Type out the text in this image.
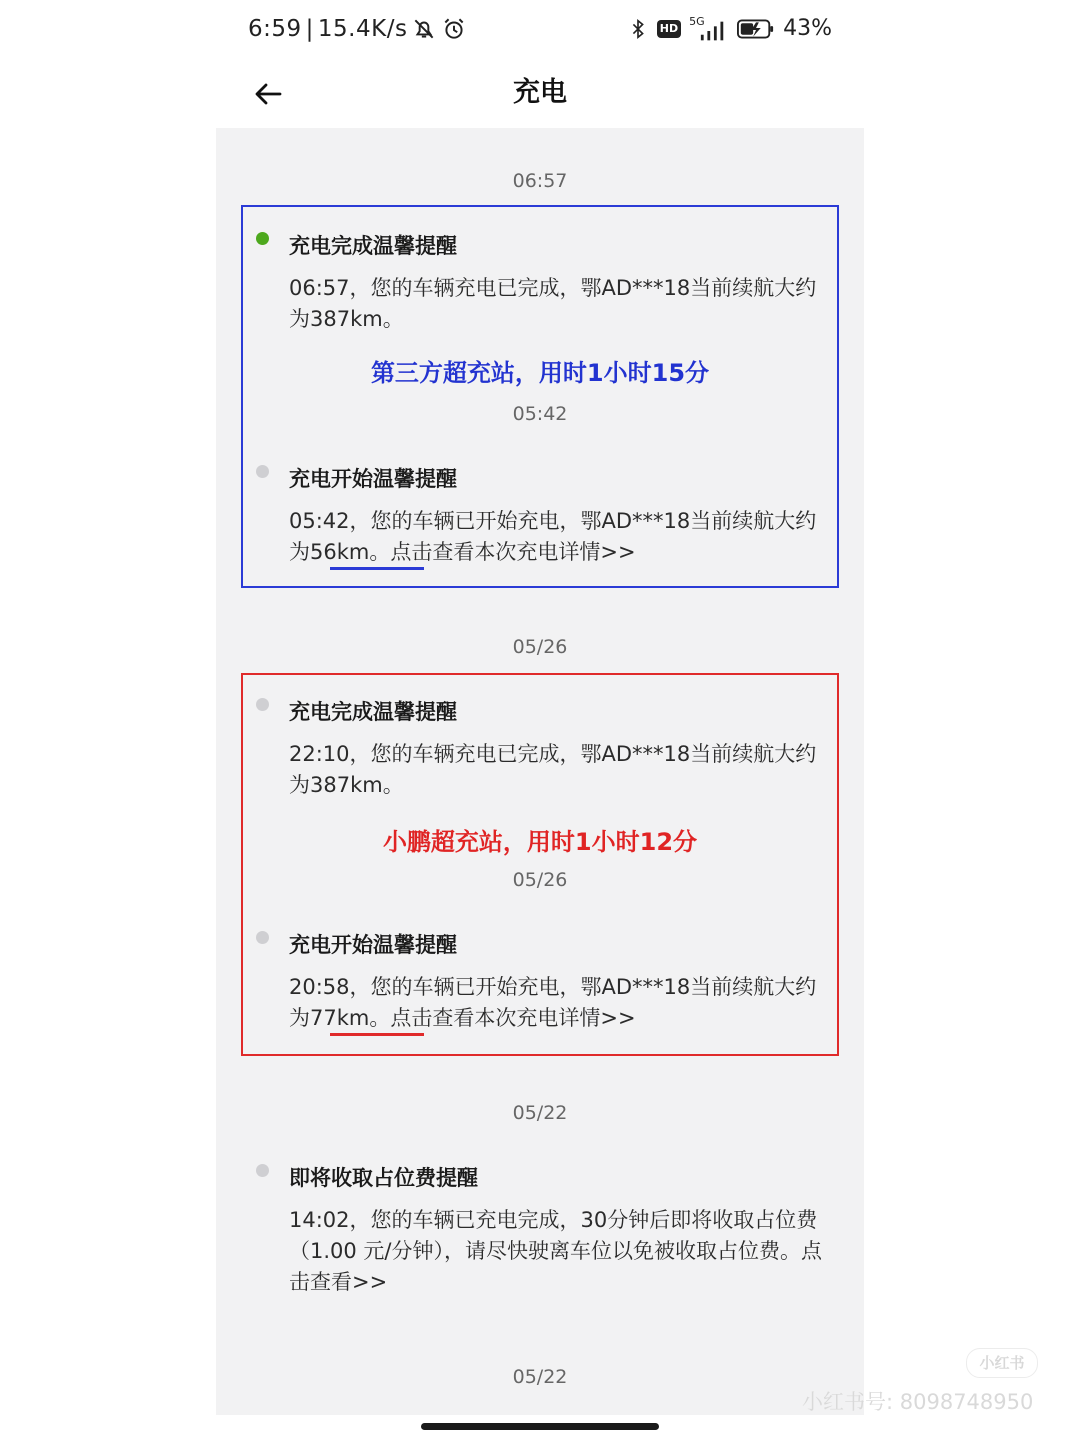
6:59 | 15.4K/s	HD
5G	43%
充电
06:57
充电完成温馨提醒
06:57，您的车辆充电已完成，鄂AD***18当前续航大约为387km。
第三方超充站，用时1小时15分
05:42
充电开始温馨提醒
05:42，您的车辆已开始充电，鄂AD***18当前续航大约为56km。点击查看本次充电详情>>
05/26
充电完成温馨提醒
22:10，您的车辆充电已完成，鄂AD***18当前续航大约为387km。
小鹏超充站，用时1小时12分
05/26
充电开始温馨提醒
20:58，您的车辆已开始充电，鄂AD***18当前续航大约为77km。点击查看本次充电详情>>
05/22
即将收取占位费提醒
14:02，您的车辆已充电完成，30分钟后即将收取占位费（1.00 元/分钟），请尽快驶离车位以免被收取占位费。点击查看>>
05/22
小红书
小红书号: 8098748950
